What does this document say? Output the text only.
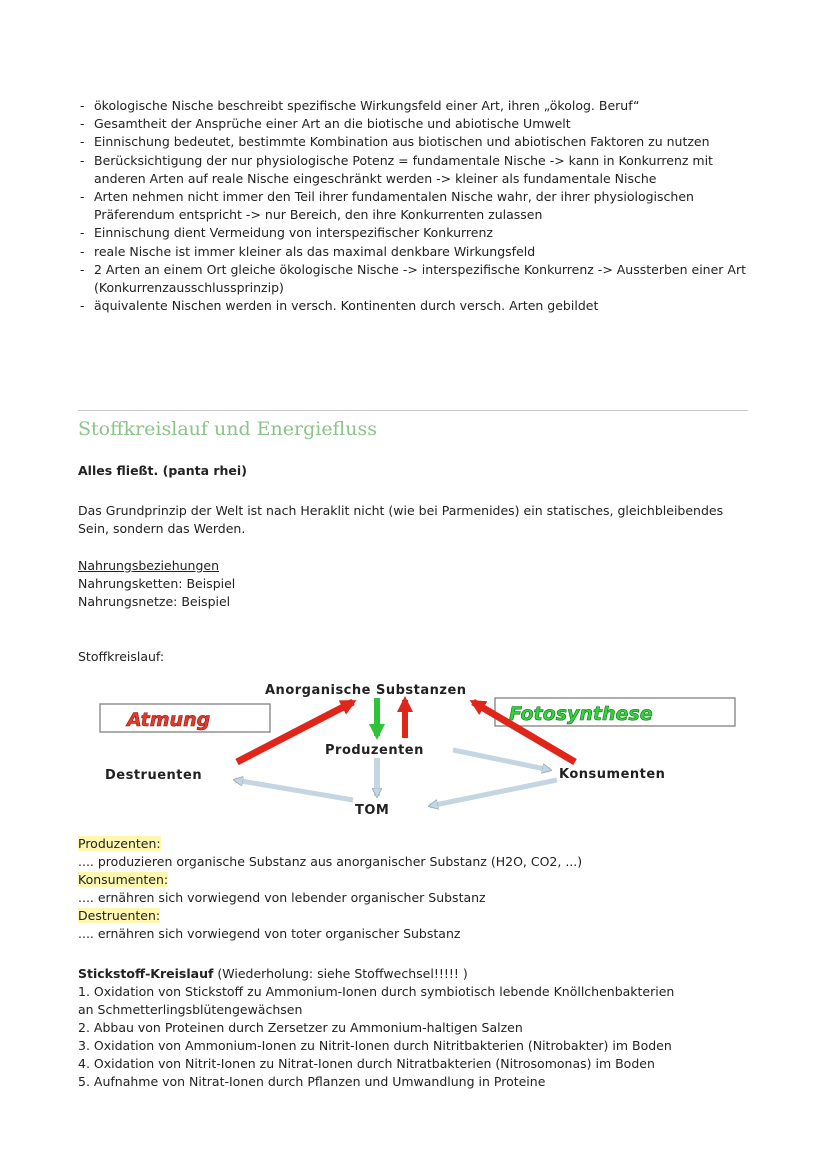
- ökologische Nische beschreibt spezifische Wirkungsfeld einer Art, ihren „ökolog. Beruf“
- Gesamtheit der Ansprüche einer Art an die biotische und abiotische Umwelt
- Einnischung bedeutet, bestimmte Kombination aus biotischen und abiotischen Faktoren zu nutzen
- Berücksichtigung der nur physiologische Potenz = fundamentale Nische -> kann in Konkurrenz mit anderen Arten auf reale Nische eingeschränkt werden -> kleiner als fundamentale Nische
- Arten nehmen nicht immer den Teil ihrer fundamentalen Nische wahr, der ihrer physiologischen Präferendum entspricht -> nur Bereich, den ihre Konkurrenten zulassen
- Einnischung dient Vermeidung von interspezifischer Konkurrenz
- reale Nische ist immer kleiner als das maximal denkbare Wirkungsfeld
- 2 Arten an einem Ort gleiche ökologische Nische -> interspezifische Konkurrenz -> Aussterben einer Art (Konkurrenzausschlussprinzip)
- äquivalente Nischen werden in versch. Kontinenten durch versch. Arten gebildet
Stoffkreislauf und Energiefluss
Alles fließt. (panta rhei)
Das Grundprinzip der Welt ist nach Heraklit nicht (wie bei Parmenides) ein statisches, gleichbleibendes
Sein, sondern das Werden.
Nahrungsbeziehungen
Nahrungsketten: Beispiel
Nahrungsnetze: Beispiel
Stoffkreislauf:
Atmung	Fotosynthese
Anorganische Substanzen
Produzenten
Destruenten	Konsumenten
TOM
Produzenten:
.... produzieren organische Substanz aus anorganischer Substanz (H2O, CO2, ...)
Konsumenten:
.... ernähren sich vorwiegend von lebender organischer Substanz
Destruenten:
.... ernähren sich vorwiegend von toter organischer Substanz
Stickstoff-Kreislauf (Wiederholung: siehe Stoffwechsel!!!!! )
1. Oxidation von Stickstoff zu Ammonium-Ionen durch symbiotisch lebende Knöllchenbakterien
an Schmetterlingsblütengewächsen
2. Abbau von Proteinen durch Zersetzer zu Ammonium-haltigen Salzen
3. Oxidation von Ammonium-Ionen zu Nitrit-Ionen durch Nitritbakterien (Nitrobakter) im Boden
4. Oxidation von Nitrit-Ionen zu Nitrat-Ionen durch Nitratbakterien (Nitrosomonas) im Boden
5. Aufnahme von Nitrat-Ionen durch Pflanzen und Umwandlung in Proteine
